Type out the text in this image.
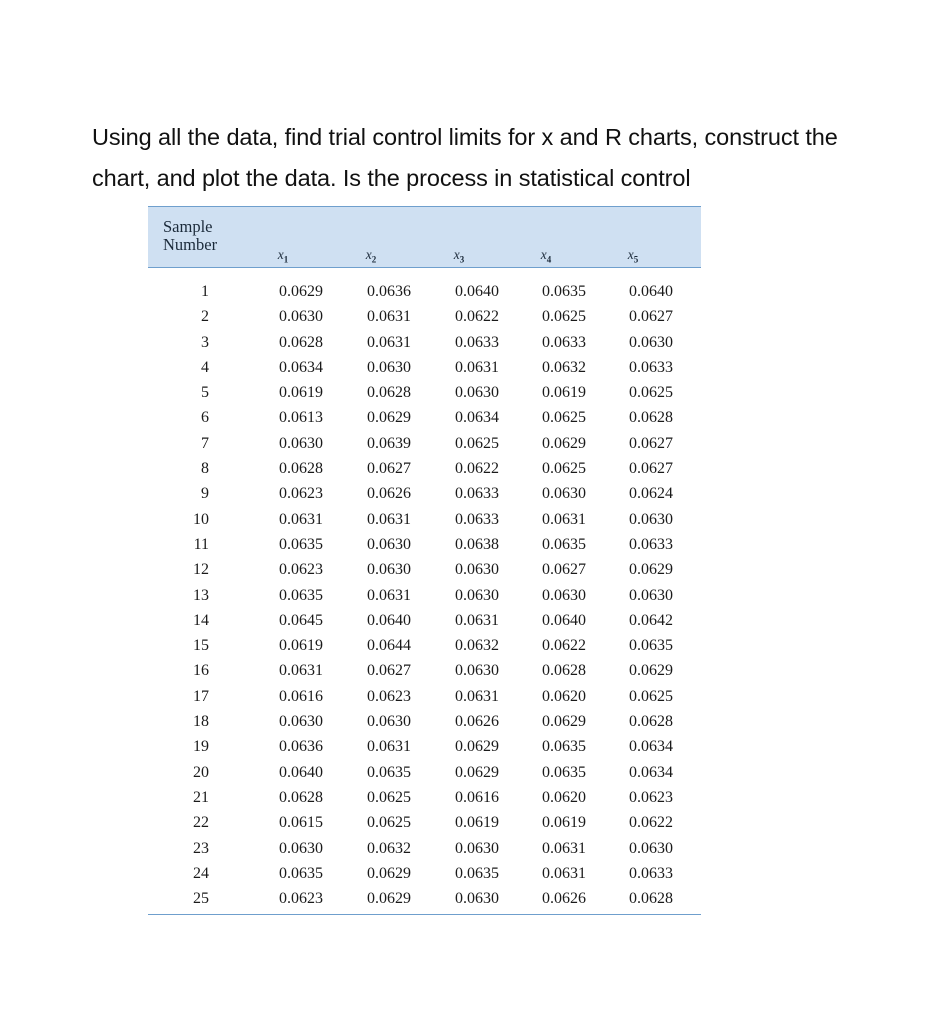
Using all the data, find trial control limits for x and R charts, construct the
chart, and plot the data. Is the process in statistical control
Sample
Number
$x_1$	$x_2$	$x_3$	$x_4$	$x_5$
1	0.0629	0.0636	0.0640	0.0635	0.0640
2	0.0630	0.0631	0.0622	0.0625	0.0627
3	0.0628	0.0631	0.0633	0.0633	0.0630
4	0.0634	0.0630	0.0631	0.0632	0.0633
5	0.0619	0.0628	0.0630	0.0619	0.0625
6	0.0613	0.0629	0.0634	0.0625	0.0628
7	0.0630	0.0639	0.0625	0.0629	0.0627
8	0.0628	0.0627	0.0622	0.0625	0.0627
9	0.0623	0.0626	0.0633	0.0630	0.0624
10	0.0631	0.0631	0.0633	0.0631	0.0630
11	0.0635	0.0630	0.0638	0.0635	0.0633
12	0.0623	0.0630	0.0630	0.0627	0.0629
13	0.0635	0.0631	0.0630	0.0630	0.0630
14	0.0645	0.0640	0.0631	0.0640	0.0642
15	0.0619	0.0644	0.0632	0.0622	0.0635
16	0.0631	0.0627	0.0630	0.0628	0.0629
17	0.0616	0.0623	0.0631	0.0620	0.0625
18	0.0630	0.0630	0.0626	0.0629	0.0628
19	0.0636	0.0631	0.0629	0.0635	0.0634
20	0.0640	0.0635	0.0629	0.0635	0.0634
21	0.0628	0.0625	0.0616	0.0620	0.0623
22	0.0615	0.0625	0.0619	0.0619	0.0622
23	0.0630	0.0632	0.0630	0.0631	0.0630
24	0.0635	0.0629	0.0635	0.0631	0.0633
25	0.0623	0.0629	0.0630	0.0626	0.0628
